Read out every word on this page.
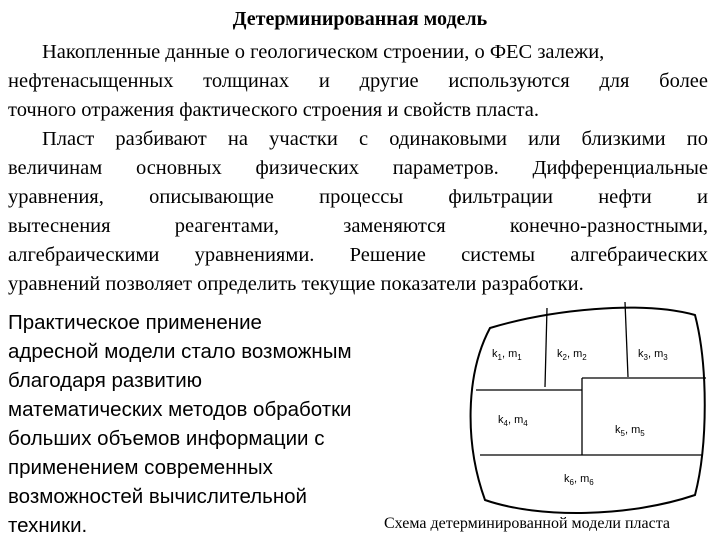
Детерминированная модель
Накопленные данные о геологическом строении, о ФЕС залежи,
нефтенасыщенных толщинах и другие используются для более
точного отражения фактического строения и свойств пласта.
Пласт разбивают на участки с одинаковыми или близкими по
величинам основных физических параметров. Дифференциальные
уравнения, описывающие процессы фильтрации нефти и
вытеснения реагентами, заменяются конечно-разностными,
алгебраическими уравнениями. Решение системы алгебраических
уравнений позволяет определить текущие показатели разработки.
Практическое применение
адресной модели стало возможным
благодаря развитию
математических методов обработки
больших объемов информации с
применением современных
возможностей вычислительной
техники.
$k_1$, $m_1$	$k_2$, $m_2$	$k_3$, $m_3$
$k_4$, $m_4$
$k_5$, $m_5$
$k_6$, $m_6$
Схема детерминированной модели пласта
